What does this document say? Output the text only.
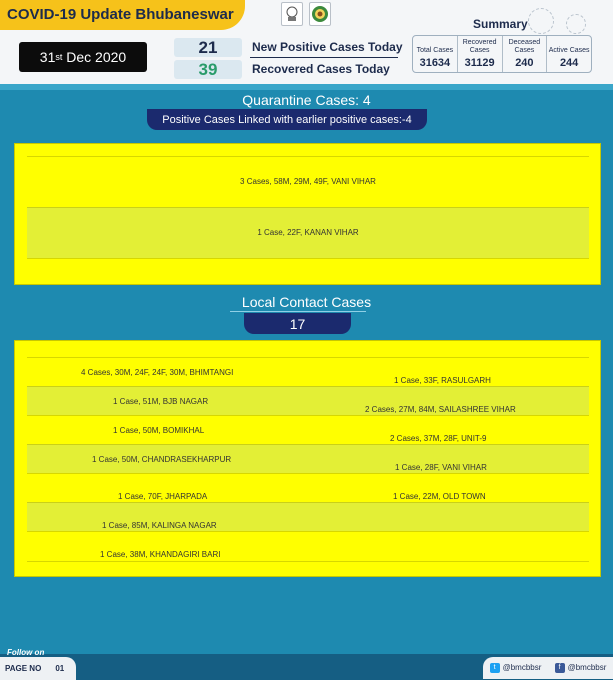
COVID-19 Update Bhubaneswar
31 st Dec 2020
21	New Positive Cases Today
39	Recovered Cases Today
Summary
Total Cases
31634
Recovered Cases
31129
Deceased Cases
240
Active Cases
244
Quarantine Cases: 4
Positive Cases Linked with earlier positive cases:-4
3 Cases, 58M, 29M, 49F, VANI VIHAR
1 Case, 22F, KANAN VIHAR
Local Contact Cases
17
4 Cases, 30M, 24F, 24F, 30M, BHIMTANGI
1 Case, 51M, BJB NAGAR
1 Case, 50M, BOMIKHAL
1 Case, 50M, CHANDRASEKHARPUR
1 Case, 70F, JHARPADA
1 Case, 85M, KALINGA NAGAR
1 Case, 38M, KHANDAGIRI BARI
1 Case, 33F, RASULGARH
2 Cases, 27M, 84M, SAILASHREE VIHAR
2 Cases, 37M, 28F, UNIT-9
1 Case, 28F, VANI VIHAR
1 Case, 22M, OLD TOWN
Follow on
PAGE NO 01	t @bmcbbsr	f @bmcbbsr
